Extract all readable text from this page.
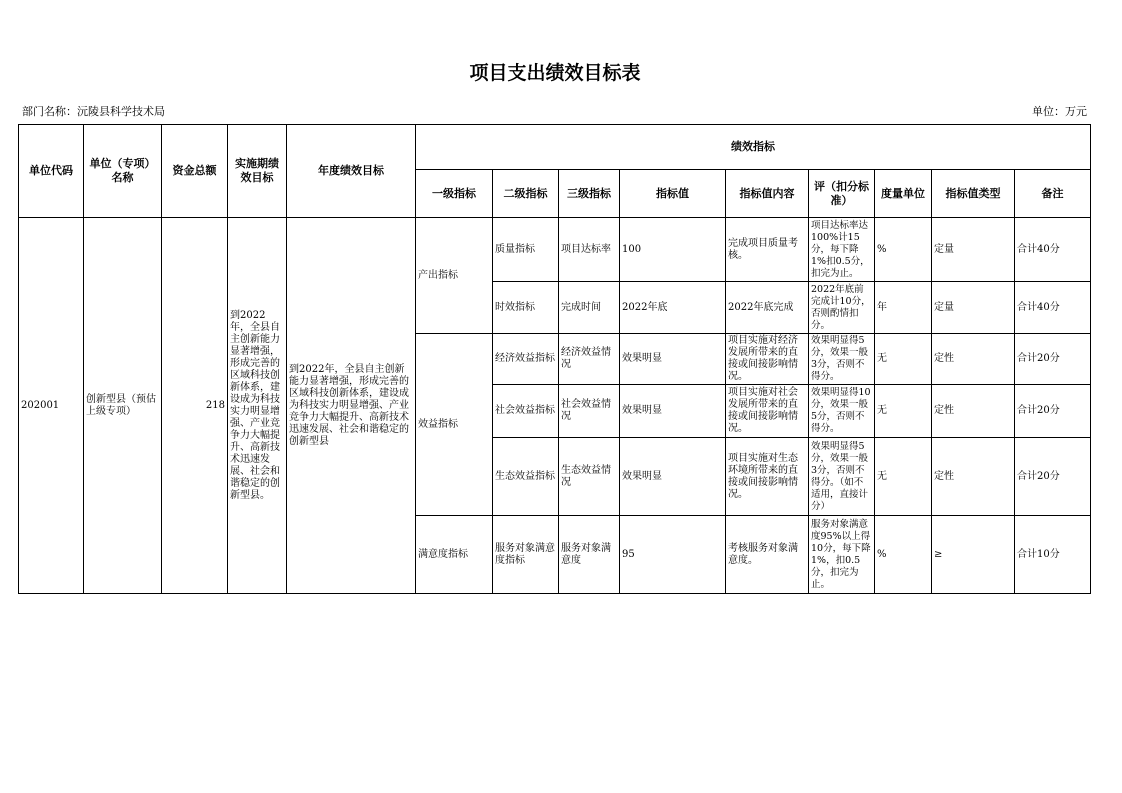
项目支出绩效目标表
部门名称：沅陵县科学技术局	单位：万元
单位代码	单位（专项）名称	资金总额	实施期绩效目标	年度绩效目标	绩效指标								
					一级指标	二级指标	三级指标	指标值	指标值内容	评（扣分标准）	度量单位	指标值类型	备注
202001	创新型县（预估上级专项）	218	到2022年，全县自主创新能力显著增强，形成完善的区域科技创新体系，建设成为科技实力明显增强、产业竞争力大幅提升、高新技术迅速发展、社会和谐稳定的创新型县。	到2022年，全县自主创新能力显著增强，形成完善的区域科技创新体系，建设成为科技实力明显增强、产业竞争力大幅提升、高新技术迅速发展、社会和谐稳定的创新型县	产出指标	质量指标	项目达标率	100	完成项目质量考核。	项目达标率达100%计15分，每下降1%扣0.5分，扣完为止。	%	定量	合计40分
						时效指标	完成时间	2022年底	2022年底完成	2022年底前完成计10分，否则酌情扣分。	年	定量	合计40分
					效益指标	经济效益指标	经济效益情况	效果明显	项目实施对经济发展所带来的直接或间接影响情况。	效果明显得5分，效果一般3分，否则不得分。	无	定性	合计20分
						社会效益指标	社会效益情况	效果明显	项目实施对社会发展所带来的直接或间接影响情况。	效果明显得10分，效果一般5分，否则不得分。	无	定性	合计20分
						生态效益指标	生态效益情况	效果明显	项目实施对生态环境所带来的直接或间接影响情况。	效果明显得5分，效果一般3分，否则不得分。（如不适用，直接计分）	无	定性	合计20分
					满意度指标	服务对象满意度指标	服务对象满意度	95	考核服务对象满意度。	服务对象满意度95%以上得10分，每下降1%，扣0.5分，扣完为止。	%	≥	合计10分
